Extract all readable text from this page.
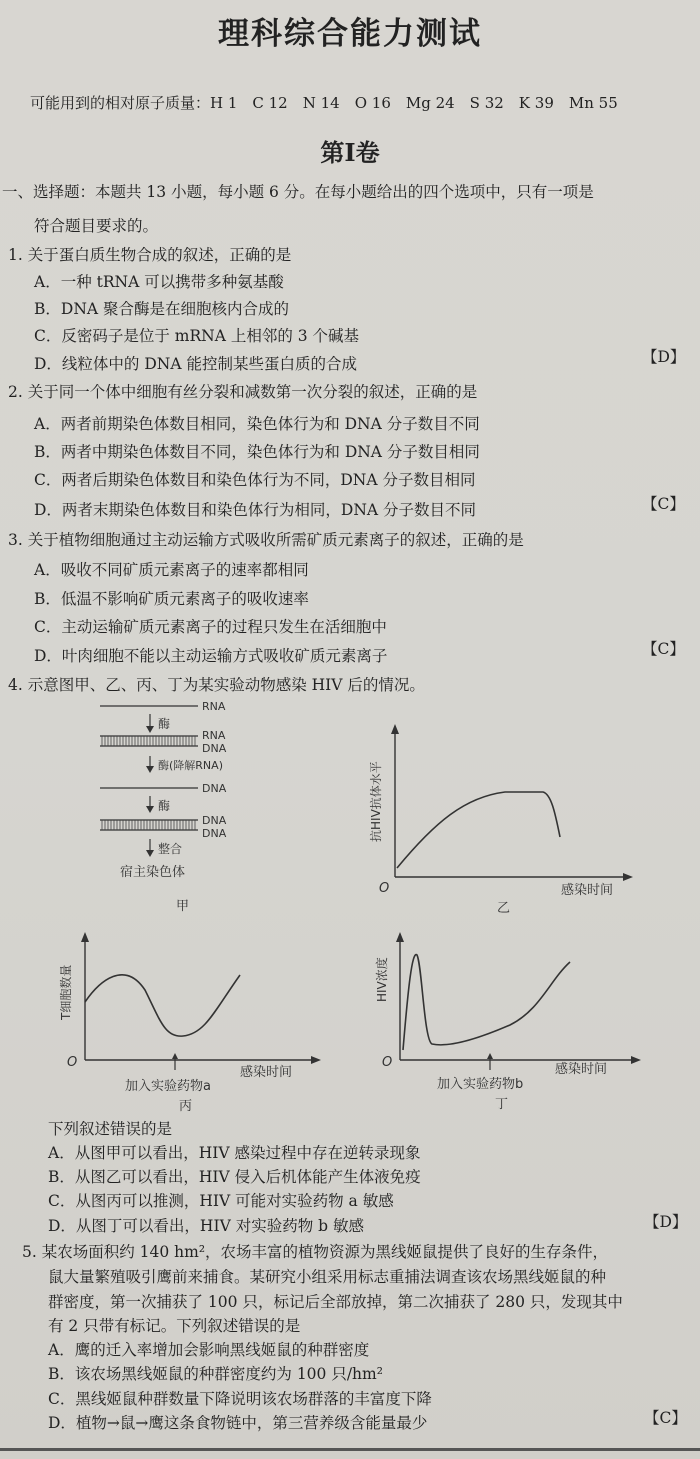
理科综合能力测试
可能用到的相对原子质量：H 1　C 12　N 14　O 16　Mg 24　S 32　K 39　Mn 55
第Ⅰ卷
一、选择题：本题共 13 小题，每小题 6 分。在每小题给出的四个选项中，只有一项是
符合题目要求的。
1. 关于蛋白质生物合成的叙述，正确的是
A．一种 tRNA 可以携带多种氨基酸
B．DNA 聚合酶是在细胞核内合成的
C．反密码子是位于 mRNA 上相邻的 3 个碱基
D．线粒体中的 DNA 能控制某些蛋白质的合成	【D】
2. 关于同一个体中细胞有丝分裂和减数第一次分裂的叙述，正确的是
A．两者前期染色体数目相同，染色体行为和 DNA 分子数目不同
B．两者中期染色体数目不同，染色体行为和 DNA 分子数目相同
C．两者后期染色体数目和染色体行为不同，DNA 分子数目相同
D．两者末期染色体数目和染色体行为相同，DNA 分子数目不同	【C】
3. 关于植物细胞通过主动运输方式吸收所需矿质元素离子的叙述，正确的是
A．吸收不同矿质元素离子的速率都相同
B．低温不影响矿质元素离子的吸收速率
C．主动运输矿质元素离子的过程只发生在活细胞中
D．叶肉细胞不能以主动运输方式吸收矿质元素离子	【C】
4. 示意图甲、乙、丙、丁为某实验动物感染 HIV 后的情况。
RNA
酶
RNA
DNA
酶(降解RNA)
DNA
酶
DNA
DNA
整合
宿主染色体
甲
抗HIV抗体水平
O	感染时间
乙
T细胞数量
O
感染时间
加入实验药物a
丙
HIV浓度
O	感染时间
加入实验药物b
丁
下列叙述错误的是
A．从图甲可以看出，HIV 感染过程中存在逆转录现象
B．从图乙可以看出，HIV 侵入后机体能产生体液免疫
C．从图丙可以推测，HIV 可能对实验药物 a 敏感
D．从图丁可以看出，HIV 对实验药物 b 敏感	【D】
5. 某农场面积约 140 hm²，农场丰富的植物资源为黑线姬鼠提供了良好的生存条件，
鼠大量繁殖吸引鹰前来捕食。某研究小组采用标志重捕法调查该农场黑线姬鼠的种
群密度，第一次捕获了 100 只，标记后全部放掉，第二次捕获了 280 只，发现其中
有 2 只带有标记。下列叙述错误的是
A．鹰的迁入率增加会影响黑线姬鼠的种群密度
B．该农场黑线姬鼠的种群密度约为 100 只/hm²
C．黑线姬鼠种群数量下降说明该农场群落的丰富度下降
D．植物→鼠→鹰这条食物链中，第三营养级含能量最少	【C】
